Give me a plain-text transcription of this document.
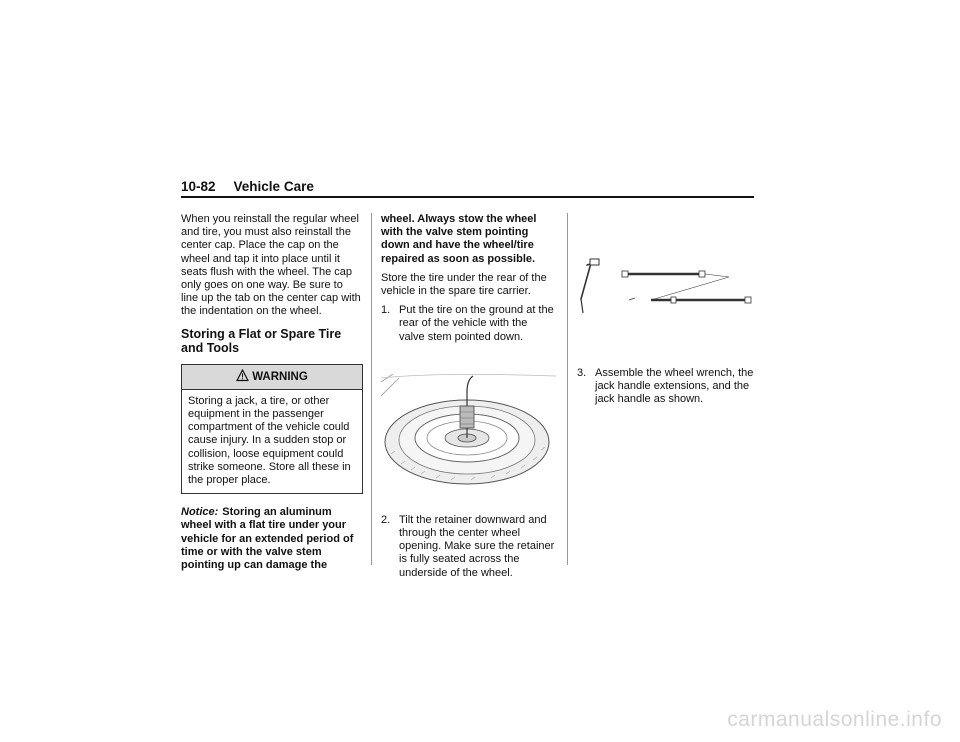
10-82 Vehicle Care

When you reinstall the regular wheel and tire, you must also reinstall the center cap. Place the cap on the wheel and tap it into place until it seats flush with the wheel. The cap only goes on one way. Be sure to line up the tab on the center cap with the indentation on the wheel.

Storing a Flat or Spare Tire and Tools
WARNING
Storing a jack, a tire, or other equipment in the passenger compartment of the vehicle could cause injury. In a sudden stop or collision, loose equipment could strike someone. Store all these in the proper place.

Notice: Storing an aluminum wheel with a flat tire under your vehicle for an extended period of time or with the valve stem pointing up can damage the

wheel. Always stow the wheel with the valve stem pointing down and have the wheel/tire repaired as soon as possible.

Store the tire under the rear of the vehicle in the spare tire carrier.

1. Put the tire on the ground at the rear of the vehicle with the valve stem pointed down.
2. Tilt the retainer downward and through the center wheel opening. Make sure the retainer is fully seated across the underside of the wheel.
3. Assemble the wheel wrench, the jack handle extensions, and the jack handle as shown.
carmanualsonline.info
